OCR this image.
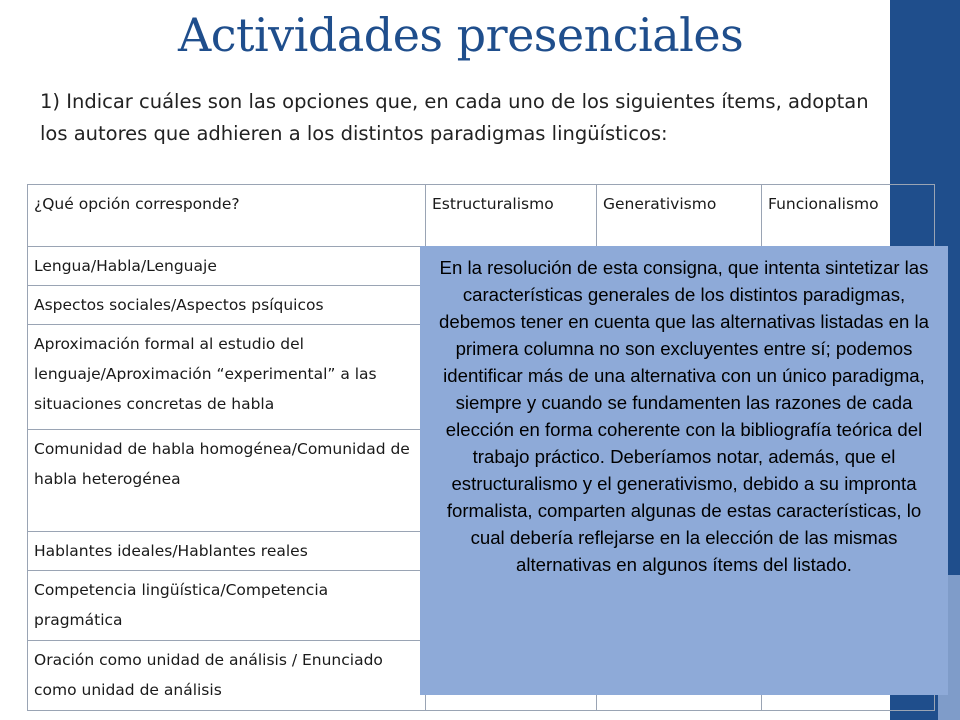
Actividades presenciales

1) Indicar cuáles son las opciones que, en cada uno de los siguientes ítems, adoptan los autores que adhieren a los distintos paradigmas lingüísticos:

¿Qué opción corresponde?	Estructuralismo	Generativismo	Funcionalismo
Lengua/Habla/Lenguaje			
Aspectos sociales/Aspectos psíquicos			
Aproximación formal al estudio del lenguaje/Aproximación “experimental” a las situaciones concretas de habla			
Comunidad de habla homogénea/Comunidad de habla heterogénea			
Hablantes ideales/Hablantes reales			
Competencia lingüística/Competencia pragmática			
Oración como unidad de análisis / Enunciado como unidad de análisis			
En la resolución de esta consigna, que intenta sintetizar las características generales de los distintos paradigmas, debemos tener en cuenta que las alternativas listadas en la primera columna no son excluyentes entre sí; podemos identificar más de una alternativa con un único paradigma, siempre y cuando se fundamenten las razones de cada elección en forma coherente con la bibliografía teórica del trabajo práctico. Deberíamos notar, además, que el estructuralismo y el generativismo, debido a su impronta formalista, comparten algunas de estas características, lo cual debería reflejarse en la elección de las mismas alternativas en algunos ítems del listado.
